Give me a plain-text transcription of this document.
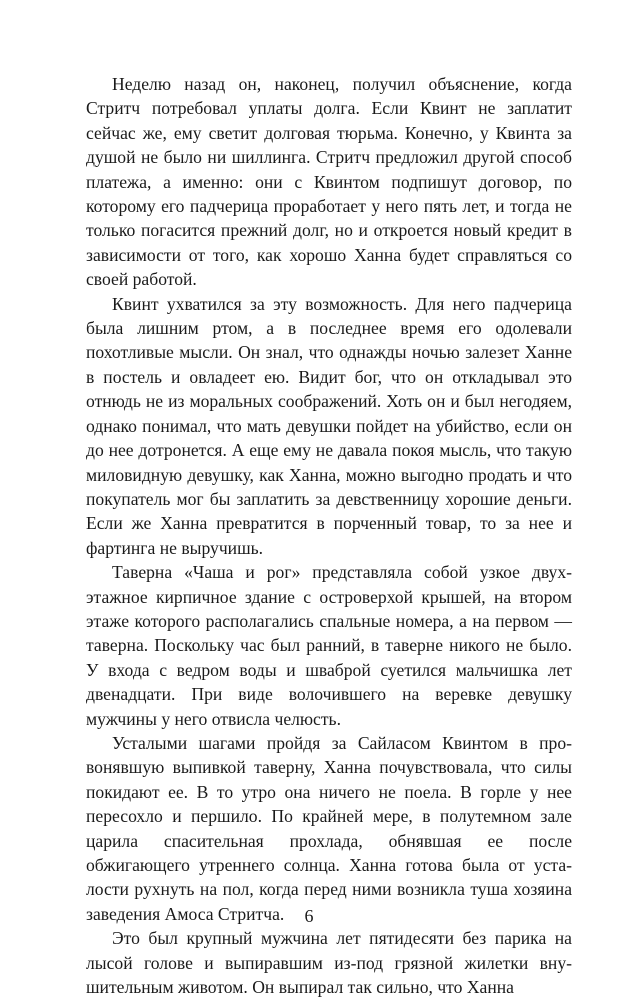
Неделю назад он, наконец, получил объяснение, когда Стритч потребовал уплаты долга. Если Квинт не заплатит сейчас же, ему светит долговая тюрьма. Конечно, у Квинта за душой не было ни шиллинга. Стритч предложил другой способ платежа, а именно: они с Квинтом подпишут договор, по которому его падчерица проработает у него пять лет, и тогда не только погасится прежний долг, но и откроется новый кредит в зависимости от того, как хорошо Ханна будет справляться со своей работой.

Квинт ухватился за эту возможность. Для него падчерица была лишним ртом, а в последнее время его одолевали похотливые мысли. Он знал, что однажды ночью залезет Ханне в постель и овладеет ею. Видит бог, что он откладывал это отнюдь не из моральных соображений. Хоть он и был негодяем, однако понимал, что мать девушки пойдет на убийство, если он до нее дотронется. А еще ему не давала покоя мысль, что такую миловидную девушку, как Ханна, можно выгодно продать и что покупатель мог бы заплатить за девственницу хорошие деньги. Если же Ханна превратится в порченный товар, то за нее и фартинга не выручишь.

Таверна «Чаша и рог» представляла собой узкое двухэтажное кирпичное здание с островерхой крышей, на втором этаже которого располагались спальные номера, а на первом — таверна. Поскольку час был ранний, в таверне никого не было. У входа с ведром воды и шваброй суетился мальчишка лет двенадцати. При виде волочившего на веревке девушку мужчины у него отвисла челюсть.

Усталыми шагами пройдя за Сайласом Квинтом в провонявшую выпивкой таверну, Ханна почувствовала, что силы покидают ее. В то утро она ничего не поела. В горле у нее пересохло и першило. По крайней мере, в полутемном зале царила спасительная прохлада, обнявшая ее после обжигающего утреннего солнца. Ханна готова была от усталости рухнуть на пол, когда перед ними возникла туша хозяина заведения Амоса Стритча.

Это был крупный мужчина лет пятидесяти без парика на лысой голове и выпиравшим из-под грязной жилетки внушительным животом. Он выпирал так сильно, что Ханна

6
